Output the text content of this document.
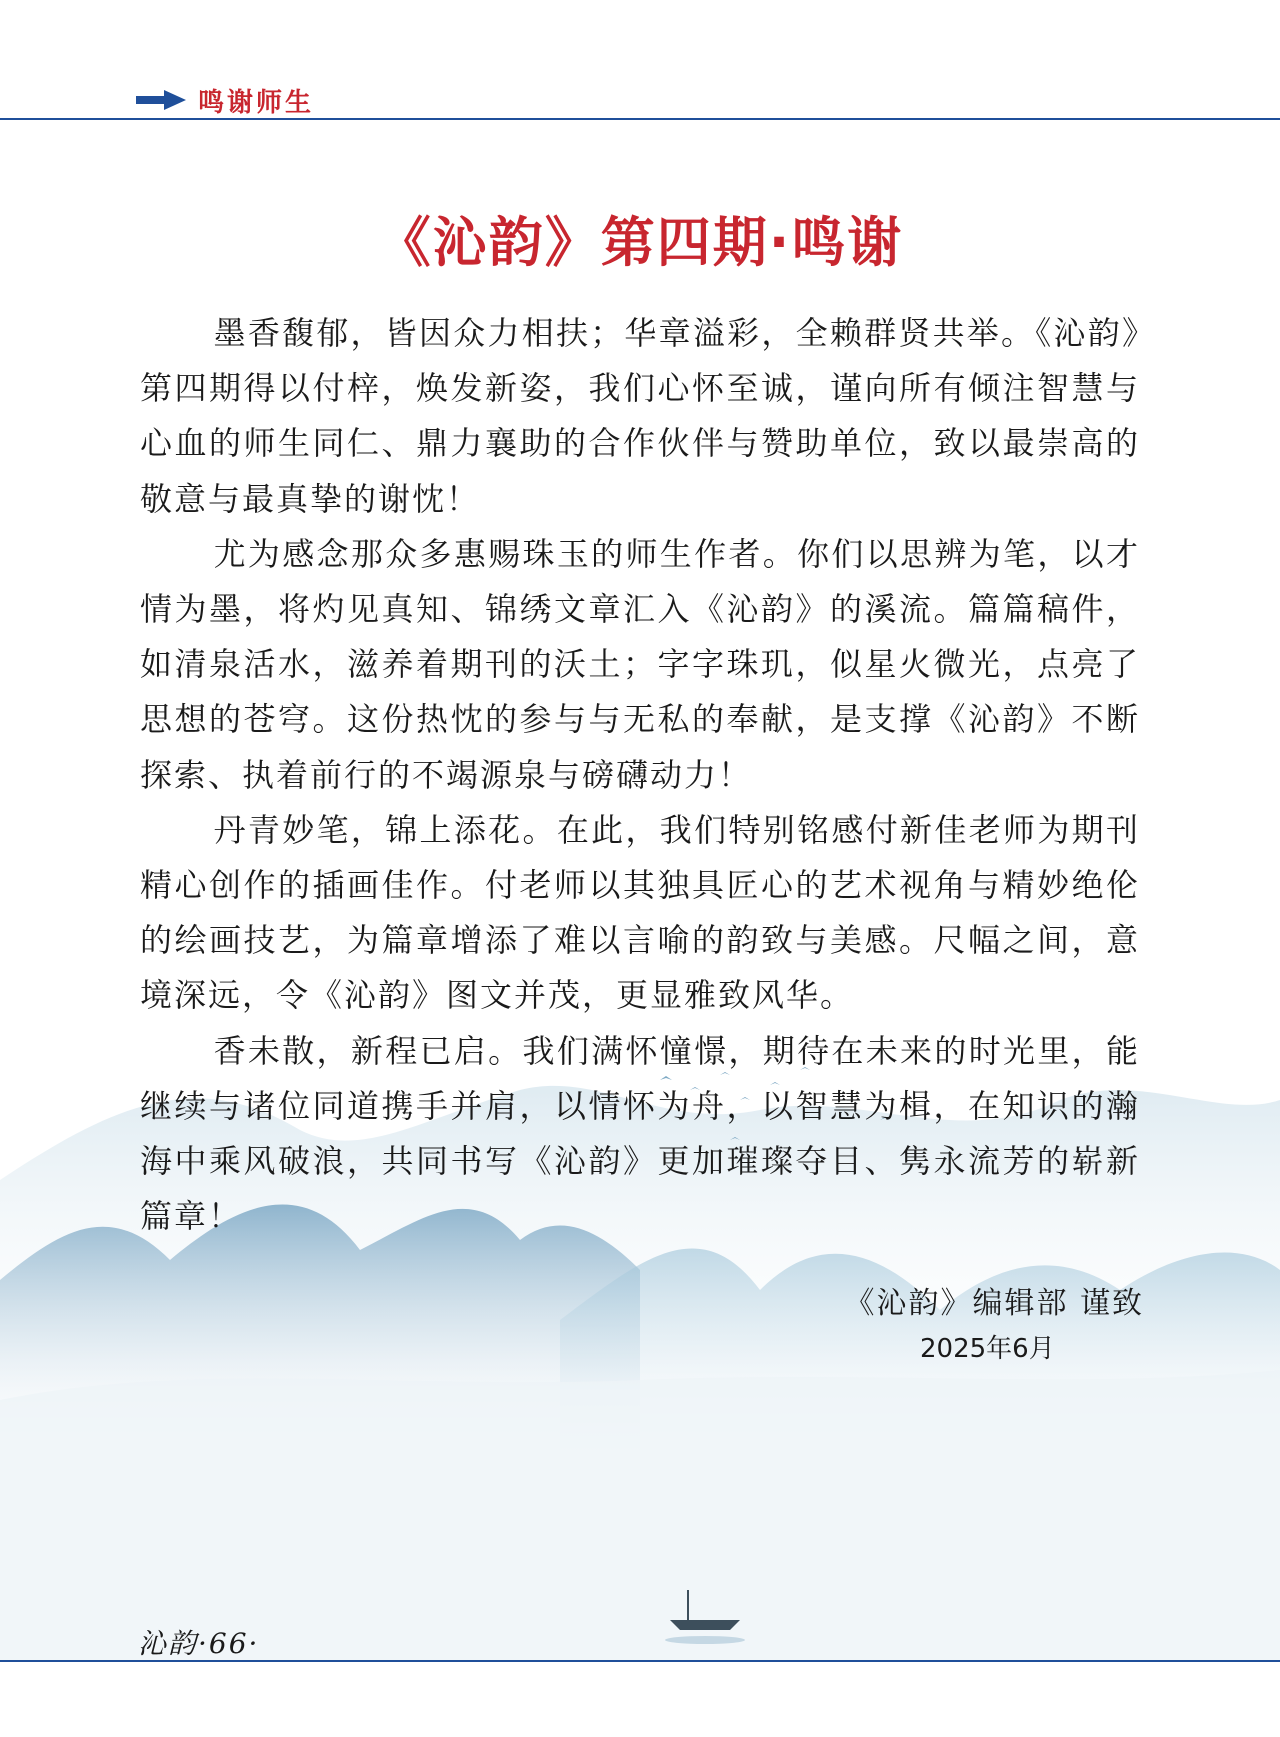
鸣谢师生
《沁韵》第四期·鸣谢

墨香馥郁，皆因众力相扶；华章溢彩，全赖群贤共举。《沁韵》第四期得以付梓，焕发新姿，我们心怀至诚，谨向所有倾注智慧与心血的师生同仁、鼎力襄助的合作伙伴与赞助单位，致以最崇高的敬意与最真挚的谢忱！

尤为感念那众多惠赐珠玉的师生作者。你们以思辨为笔，以才情为墨，将灼见真知、锦绣文章汇入《沁韵》的溪流。篇篇稿件，如清泉活水，滋养着期刊的沃土；字字珠玑，似星火微光，点亮了思想的苍穹。这份热忱的参与与无私的奉献，是支撑《沁韵》不断探索、执着前行的不竭源泉与磅礴动力！

丹青妙笔，锦上添花。在此，我们特别铭感付新佳老师为期刊精心创作的插画佳作。付老师以其独具匠心的艺术视角与精妙绝伦的绘画技艺，为篇章增添了难以言喻的韵致与美感。尺幅之间，意境深远，令《沁韵》图文并茂，更显雅致风华。

香未散，新程已启。我们满怀憧憬，期待在未来的时光里，能继续与诸位同道携手并肩，以情怀为舟，以智慧为楫，在知识的瀚海中乘风破浪，共同书写《沁韵》更加璀璨夺目、隽永流芳的崭新篇章！

《沁韵》编辑部 谨致
2025年6月
沁韵·66·
